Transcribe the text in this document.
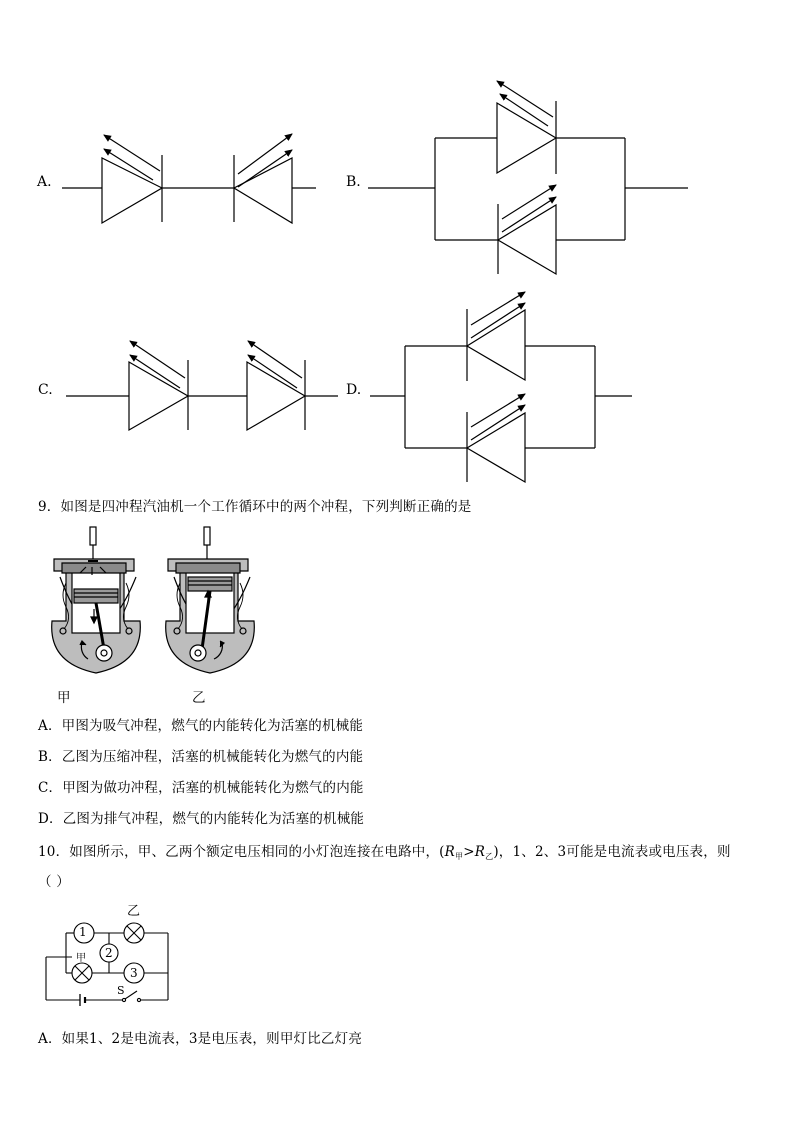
A.	B.
C.	D.
9．如图是四冲程汽油机一个工作循环中的两个冲程，下列判断正确的是
甲	乙
A．甲图为吸气冲程，燃气的内能转化为活塞的机械能
B．乙图为压缩冲程，活塞的机械能转化为燃气的内能
C．甲图为做功冲程，活塞的机械能转化为燃气的内能
D．乙图为排气冲程，燃气的内能转化为活塞的机械能
10．如图所示，甲、乙两个额定电压相同的小灯泡连接在电路中，$(R_甲>R_乙)$，1、2、3可能是电流表或电压表，则
（ ）
1
2
3
乙
甲
S
A．如果1、2是电流表，3是电压表，则甲灯比乙灯亮
